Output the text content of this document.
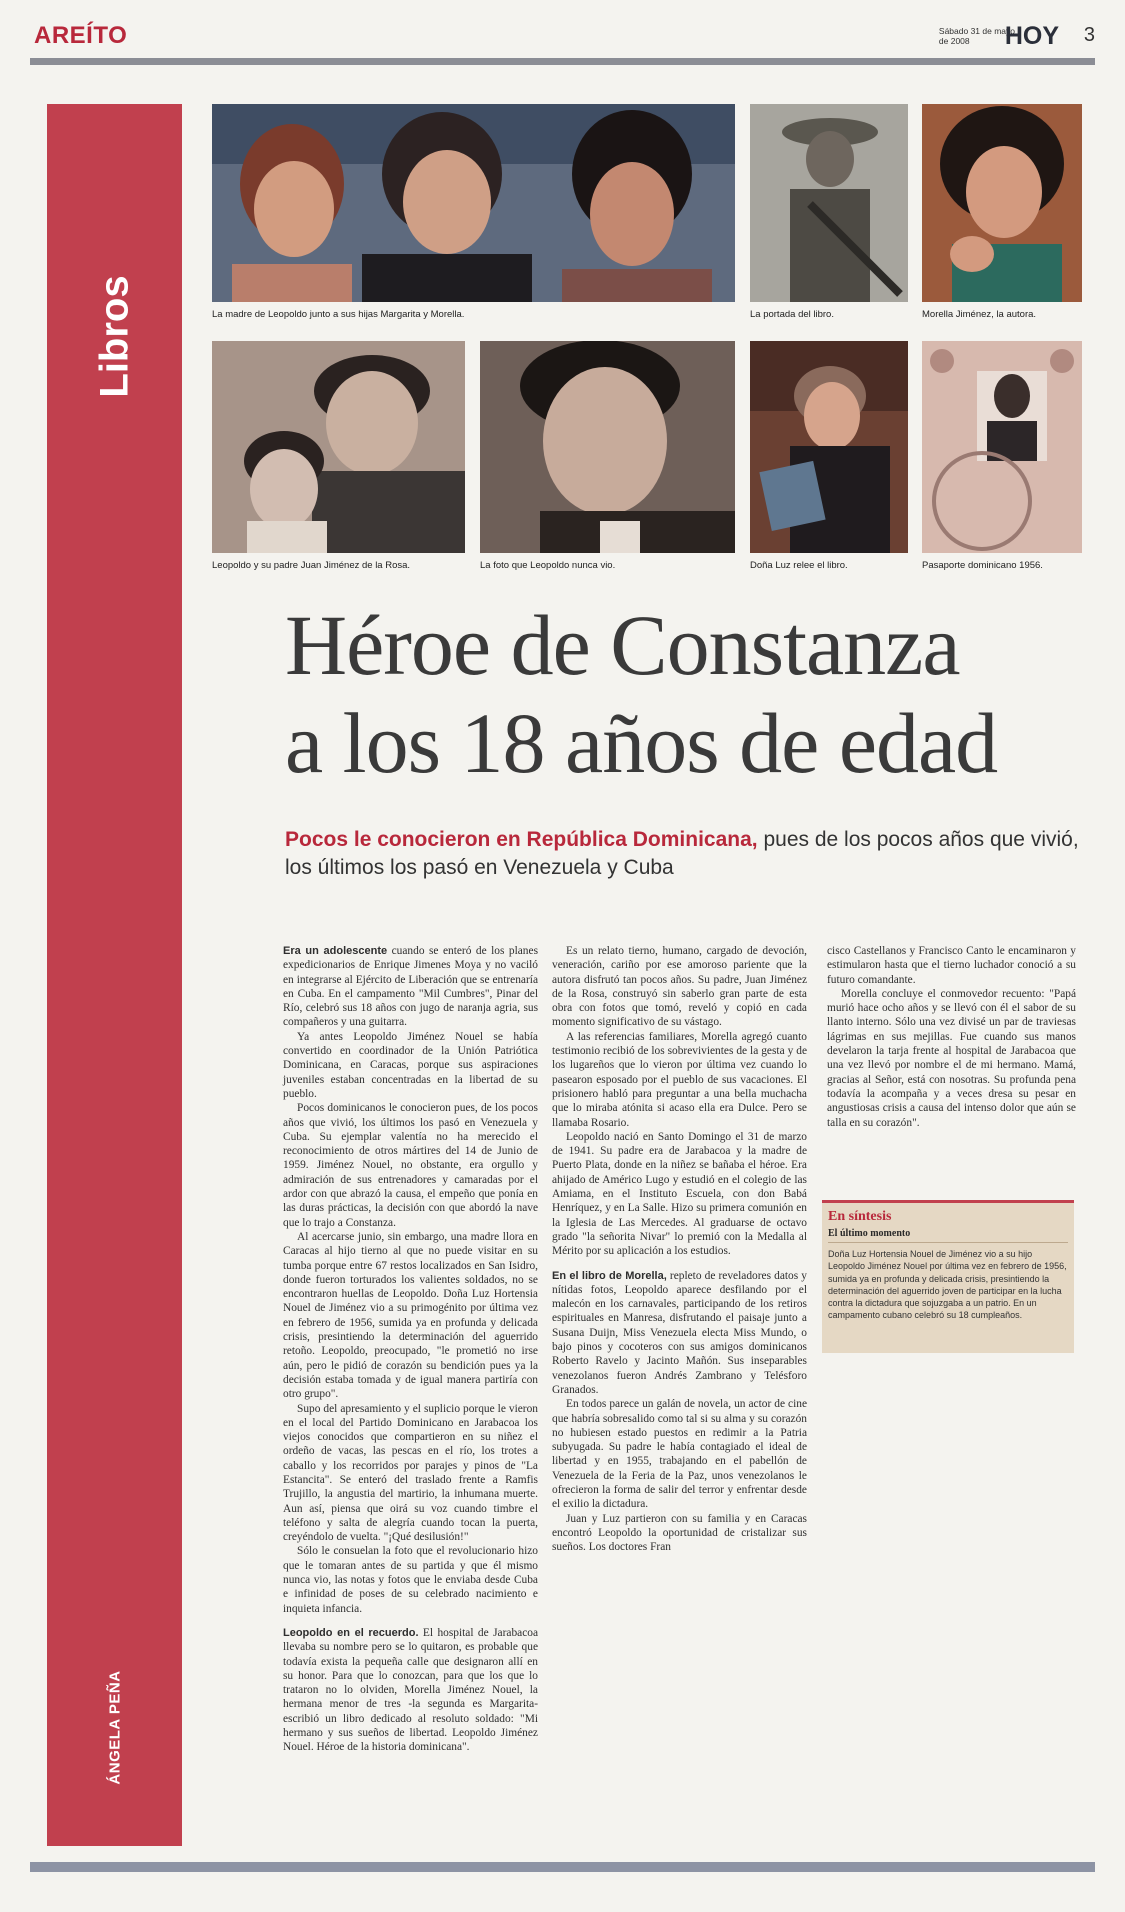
AREÍTO	Sábado 31 de mayo
de 2008	HOY 3
Libros
ÁNGELA PEÑA
La madre de Leopoldo junto a sus hijas Margarita y Morella.	La portada del libro.	Morella Jiménez, la autora.
Leopoldo y su padre Juan Jiménez de la Rosa.	La foto que Leopoldo nunca vio.	Doña Luz relee el libro.	Pasaporte dominicano 1956.
Héroe de Constanza
a los 18 años de edad
Pocos le conocieron en República Dominicana, pues de los pocos años que vivió, los últimos los pasó en Venezuela y Cuba

Era un adolescente cuando se enteró de los planes expedicionarios de Enrique Jimenes Moya y no vaciló en integrarse al Ejército de Liberación que se entrenaría en Cuba. En el campamento "Mil Cumbres", Pinar del Río, celebró sus 18 años con jugo de naranja agria, sus compañeros y una guitarra.

Ya antes Leopoldo Jiménez Nouel se había convertido en coordinador de la Unión Patriótica Dominicana, en Caracas, porque sus aspiraciones juveniles estaban concentradas en la libertad de su pueblo.

Pocos dominicanos le conocieron pues, de los pocos años que vivió, los últimos los pasó en Venezuela y Cuba. Su ejemplar valentía no ha merecido el reconocimiento de otros mártires del 14 de Junio de 1959. Jiménez Nouel, no obstante, era orgullo y admiración de sus entrenadores y camaradas por el ardor con que abrazó la causa, el empeño que ponía en las duras prácticas, la decisión con que abordó la nave que lo trajo a Constanza.

Al acercarse junio, sin embargo, una madre llora en Caracas al hijo tierno al que no puede visitar en su tumba porque entre 67 restos localizados en San Isidro, donde fueron torturados los valientes soldados, no se encontraron huellas de Leopoldo. Doña Luz Hortensia Nouel de Jiménez vio a su primogénito por última vez en febrero de 1956, sumida ya en profunda y delicada crisis, presintiendo la determinación del aguerrido retoño. Leopoldo, preocupado, "le prometió no irse aún, pero le pidió de corazón su bendición pues ya la decisión estaba tomada y de igual manera partiría con otro grupo".

Supo del apresamiento y el suplicio porque le vieron en el local del Partido Dominicano en Jarabacoa los viejos conocidos que compartieron en su niñez el ordeño de vacas, las pescas en el río, los trotes a caballo y los recorridos por parajes y pinos de "La Estancita". Se enteró del traslado frente a Ramfis Trujillo, la angustia del martirio, la inhumana muerte. Aun así, piensa que oirá su voz cuando timbre el teléfono y salta de alegría cuando tocan la puerta, creyéndolo de vuelta. "¡Qué desilusión!"

Sólo le consuelan la foto que el revolucionario hizo que le tomaran antes de su partida y que él mismo nunca vio, las notas y fotos que le enviaba desde Cuba e infinidad de poses de su celebrado nacimiento e inquieta infancia.

Leopoldo en el recuerdo. El hospital de Jarabacoa llevaba su nombre pero se lo quitaron, es probable que todavía exista la pequeña calle que designaron allí en su honor. Para que lo conozcan, para que los que lo trataron no lo olviden, Morella Jiménez Nouel, la hermana menor de tres -la segunda es Margarita- escribió un libro dedicado al resoluto soldado: "Mi hermano y sus sueños de libertad. Leopoldo Jiménez Nouel. Héroe de la historia dominicana".

Es un relato tierno, humano, cargado de devoción, veneración, cariño por ese amoroso pariente que la autora disfrutó tan pocos años. Su padre, Juan Jiménez de la Rosa, construyó sin saberlo gran parte de esta obra con fotos que tomó, reveló y copió en cada momento significativo de su vástago.

A las referencias familiares, Morella agregó cuanto testimonio recibió de los sobrevivientes de la gesta y de los lugareños que lo vieron por última vez cuando lo pasearon esposado por el pueblo de sus vacaciones. El prisionero habló para preguntar a una bella muchacha que lo miraba atónita si acaso ella era Dulce. Pero se llamaba Rosario.

Leopoldo nació en Santo Domingo el 31 de marzo de 1941. Su padre era de Jarabacoa y la madre de Puerto Plata, donde en la niñez se bañaba el héroe. Era ahijado de Américo Lugo y estudió en el colegio de las Amiama, en el Instituto Escuela, con don Babá Henríquez, y en La Salle. Hizo su primera comunión en la Iglesia de Las Mercedes. Al graduarse de octavo grado "la señorita Nivar" lo premió con la Medalla al Mérito por su aplicación a los estudios.

En el libro de Morella, repleto de reveladores datos y nítidas fotos, Leopoldo aparece desfilando por el malecón en los carnavales, participando de los retiros espirituales en Manresa, disfrutando el paisaje junto a Susana Duijn, Miss Venezuela electa Miss Mundo, o bajo pinos y cocoteros con sus amigos dominicanos Roberto Ravelo y Jacinto Mañón. Sus inseparables venezolanos fueron Andrés Zambrano y Telésforo Granados.

En todos parece un galán de novela, un actor de cine que habría sobresalido como tal si su alma y su corazón no hubiesen estado puestos en redimir a la Patria subyugada. Su padre le había contagiado el ideal de libertad y en 1955, trabajando en el pabellón de Venezuela de la Feria de la Paz, unos venezolanos le ofrecieron la forma de salir del terror y enfrentar desde el exilio la dictadura.

Juan y Luz partieron con su familia y en Caracas encontró Leopoldo la oportunidad de cristalizar sus sueños. Los doctores Fran

cisco Castellanos y Francisco Canto le encaminaron y estimularon hasta que el tierno luchador conoció a su futuro comandante.

Morella concluye el conmovedor recuento: "Papá murió hace ocho años y se llevó con él el sabor de su llanto interno. Sólo una vez divisé un par de traviesas lágrimas en sus mejillas. Fue cuando sus manos develaron la tarja frente al hospital de Jarabacoa que una vez llevó por nombre el de mi hermano. Mamá, gracias al Señor, está con nosotras. Su profunda pena todavía la acompaña y a veces dresa su pesar en angustiosas crisis a causa del intenso dolor que aún se talla en su corazón".

En síntesis
El último momento
Doña Luz Hortensia Nouel de Jiménez vio a su hijo Leopoldo Jiménez Nouel por última vez en febrero de 1956, sumida ya en profunda y delicada crisis, presintiendo la determinación del aguerrido joven de participar en la lucha contra la dictadura que sojuzgaba a un patrio. En un campamento cubano celebró su 18 cumpleaños.
